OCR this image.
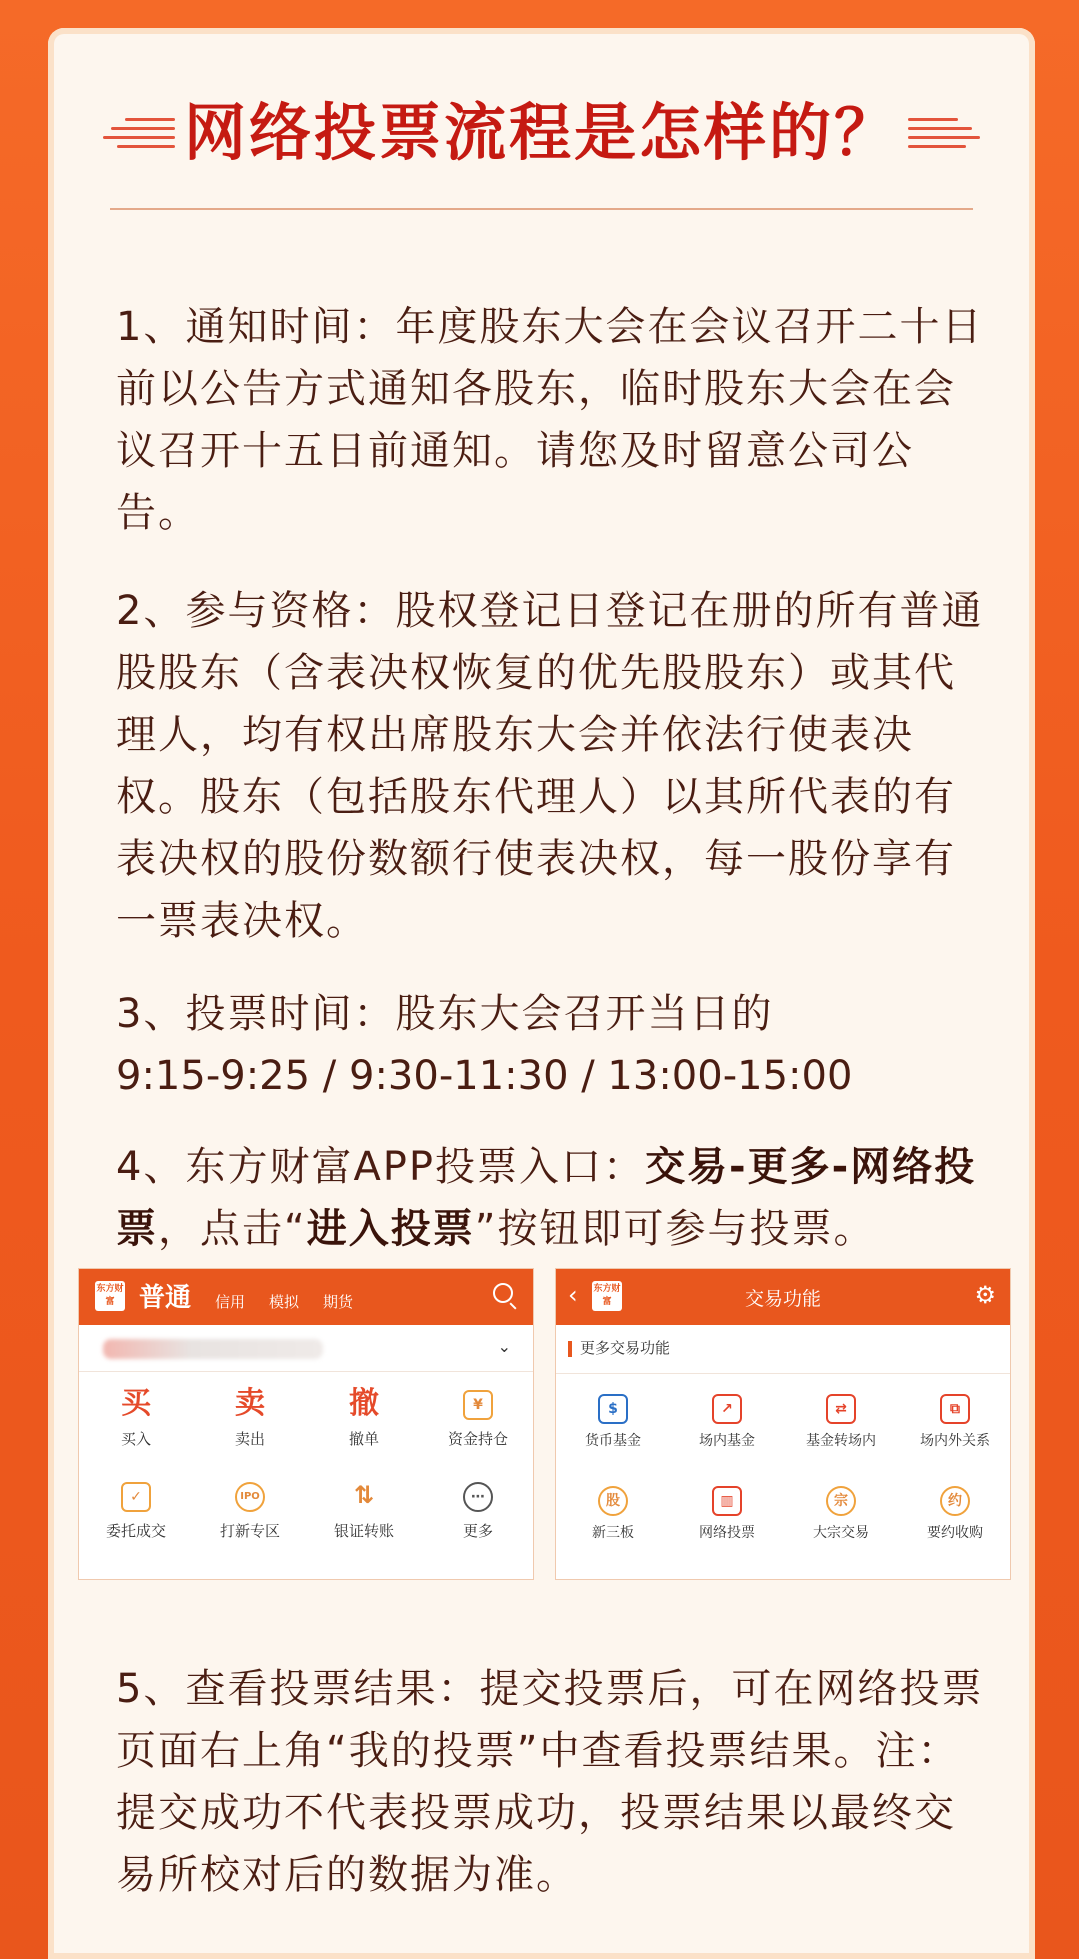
网络投票流程是怎样的？
1、通知时间：年度股东大会在会议召开二十日前以公告方式通知各股东，临时股东大会在会议召开十五日前通知。请您及时留意公司公告。
2、参与资格：股权登记日登记在册的所有普通股股东（含表决权恢复的优先股股东）或其代理人，均有权出席股东大会并依法行使表决权。股东（包括股东代理人）以其所代表的有表决权的股份数额行使表决权，每一股份享有一票表决权。
3、投票时间：股东大会召开当日的
9:15-9:25 / 9:30-11:30 / 13:00-15:00
4、东方财富APP投票入口：交易-更多-网络投票，点击“进入投票”按钮即可参与投票。
5、查看投票结果：提交投票后，可在网络投票页面右上角“我的投票”中查看投票结果。注：提交成功不代表投票成功，投票结果以最终交易所校对后的数据为准。
东方财富 普通 信用 模拟 期货
⌄
买
买入
卖
卖出
撤
撤单
¥
资金持仓
✓
委托成交
IPO
打新专区
⇅
银证转账
⋯
更多
‹ 东方财富	交易功能	⚙
更多交易功能
$
货币基金
↗
场内基金
⇄
基金转场内
⧉
场内外关系
股
新三板
▥
网络投票
宗
大宗交易
约
要约收购
